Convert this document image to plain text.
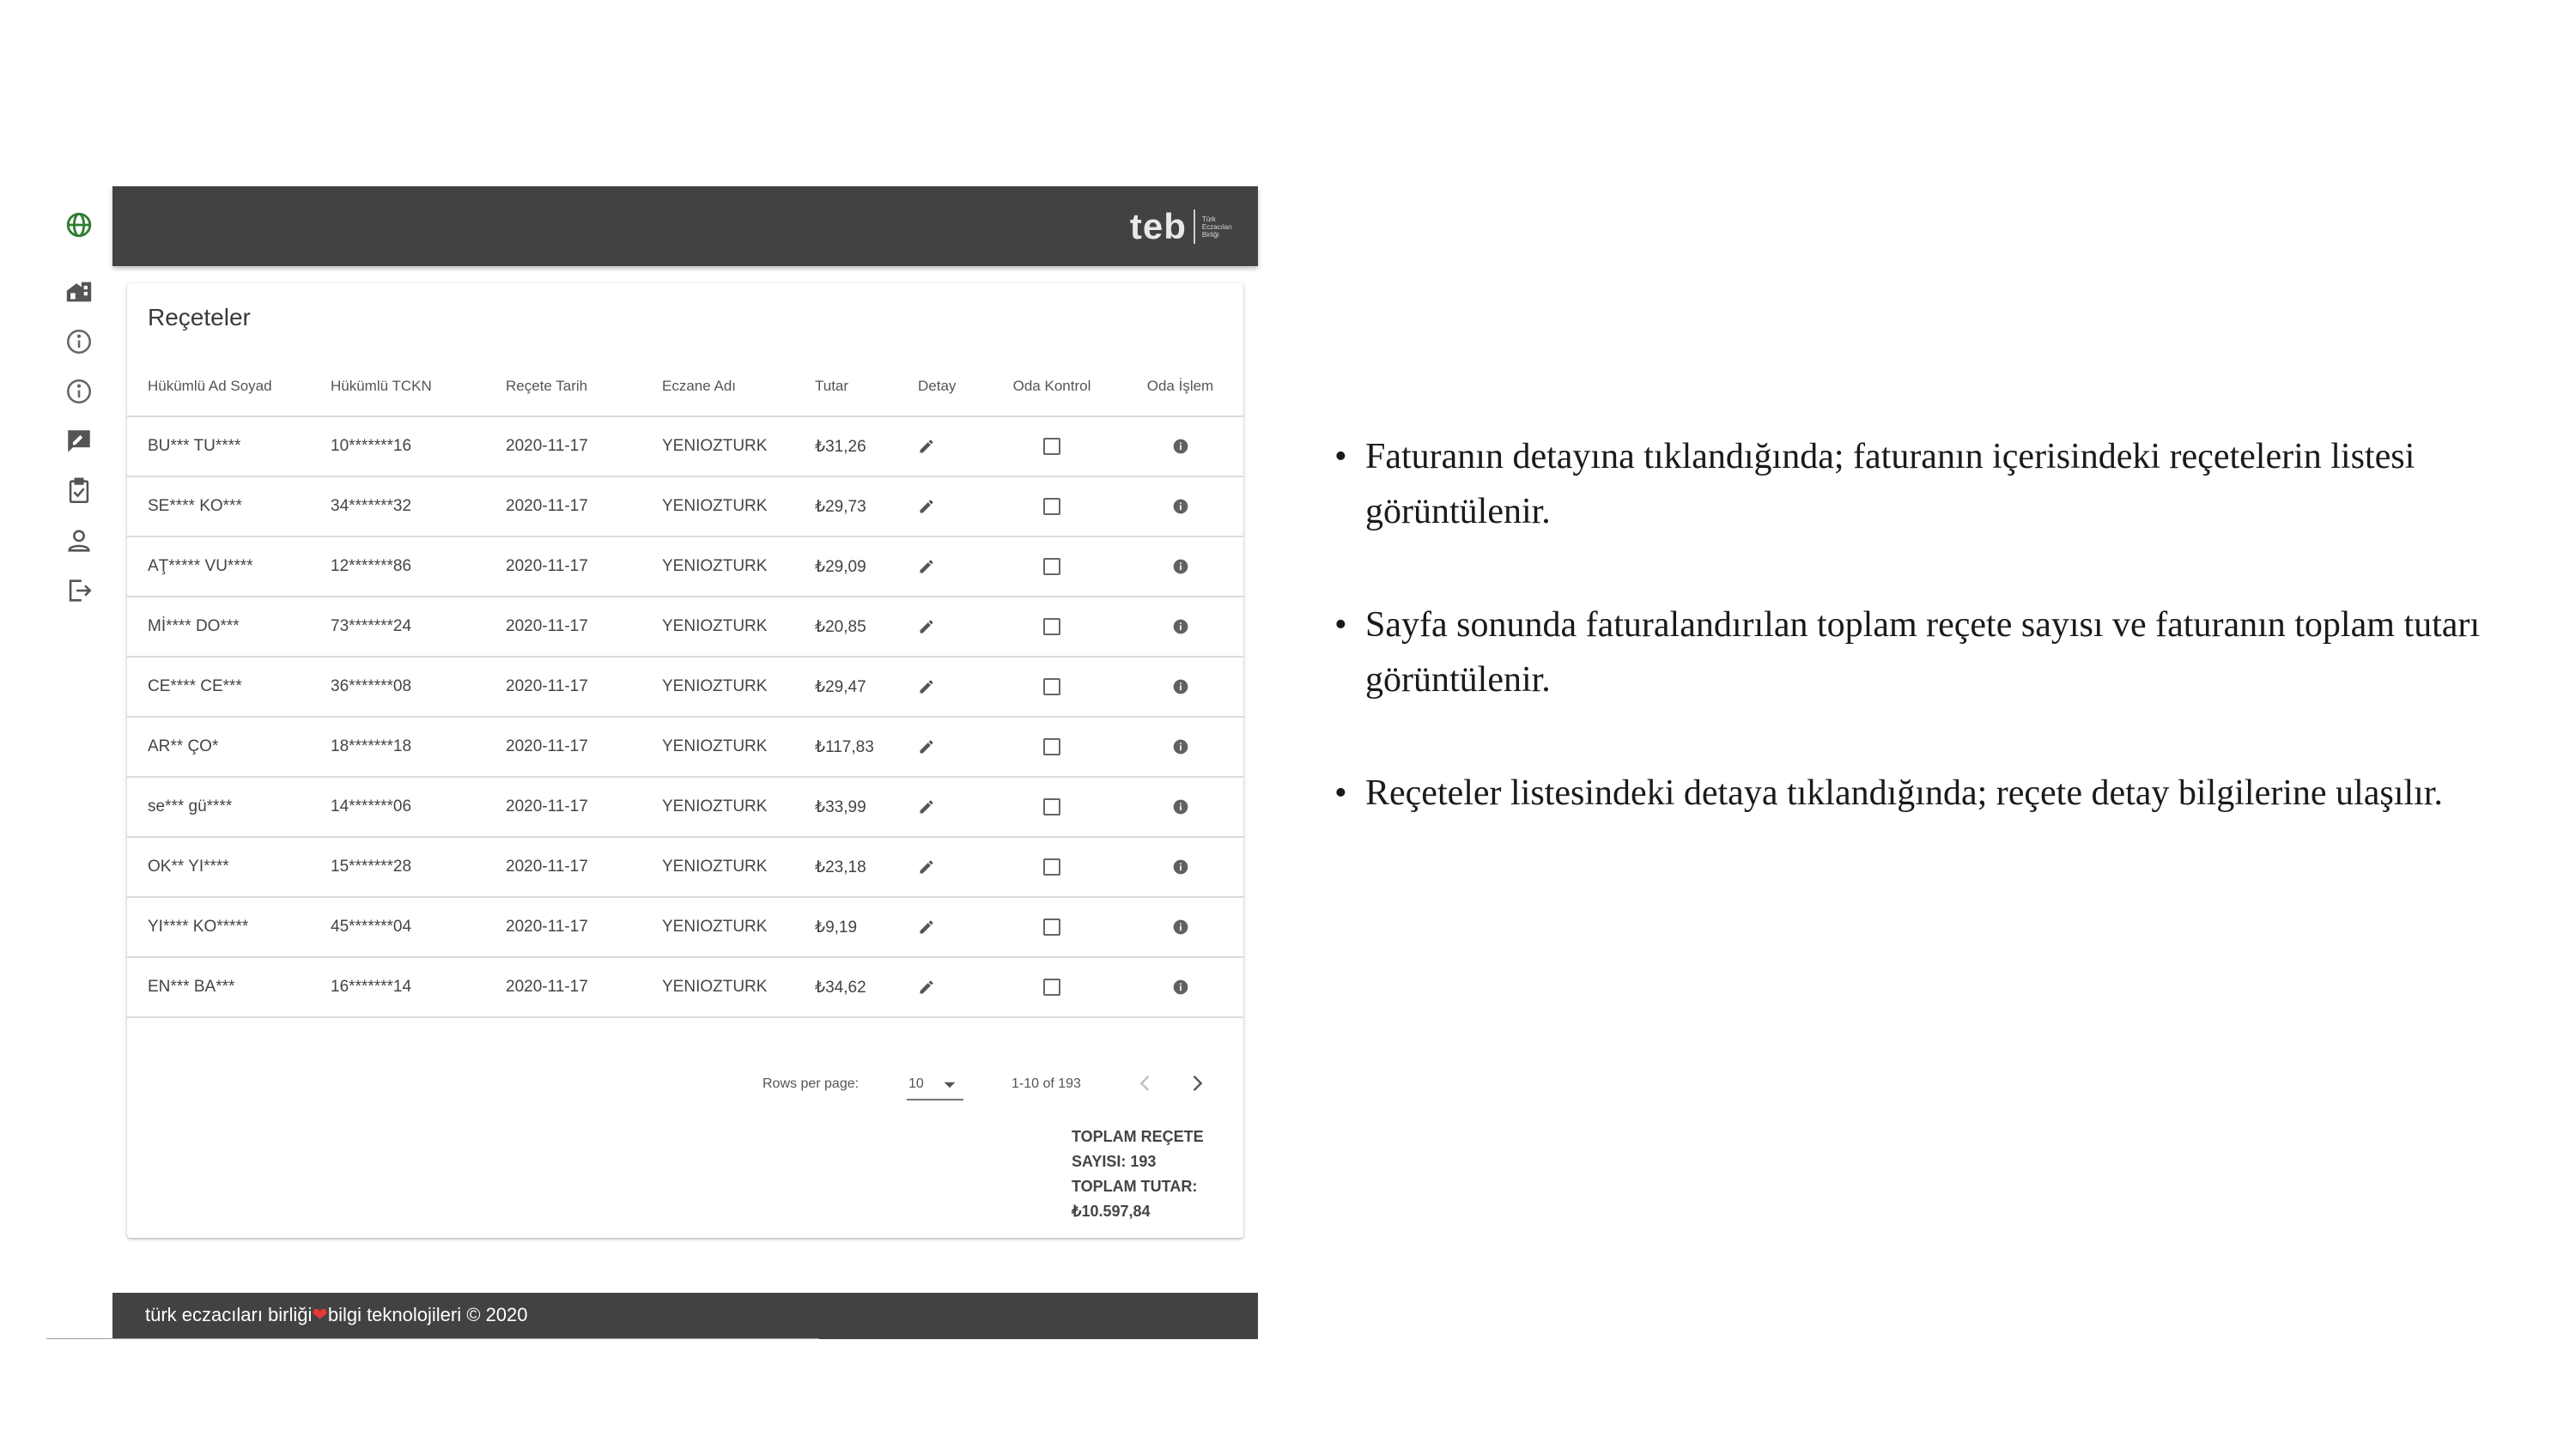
teb Türk
Eczacıları
Birliği
Reçeteler
Hükümlü Ad Soyad	Hükümlü TCKN	Reçete Tarih	Eczane Adı	Tutar	Detay	Oda Kontrol	Oda İşlem
BU*** TU****	10*******16	2020-11-17	YENIOZTURK	₺31,26			
SE**** KO***	34*******32	2020-11-17	YENIOZTURK	₺29,73			
AŢ***** VU****	12*******86	2020-11-17	YENIOZTURK	₺29,09			
Mİ**** DO***	73*******24	2020-11-17	YENIOZTURK	₺20,85			
CE**** CE***	36*******08	2020-11-17	YENIOZTURK	₺29,47			
AR** ÇO*	18*******18	2020-11-17	YENIOZTURK	₺117,83			
se*** gü****	14*******06	2020-11-17	YENIOZTURK	₺33,99			
OK** YI****	15*******28	2020-11-17	YENIOZTURK	₺23,18			
YI**** KO*****	45*******04	2020-11-17	YENIOZTURK	₺9,19			
EN*** BA***	16*******14	2020-11-17	YENIOZTURK	₺34,62			
Rows per page:	10	1-10 of 193
TOPLAM REÇETE
SAYISI: 193
TOPLAM TUTAR:
₺10.597,84
türk eczacıları birliği❤bilgi teknolojileri © 2020
• Faturanın detayına tıklandığında; faturanın içerisindeki reçetelerin listesi görüntülenir.
• Sayfa sonunda faturalandırılan toplam reçete sayısı ve faturanın toplam tutarı görüntülenir.
• Reçeteler listesindeki detaya tıklandığında; reçete detay bilgilerine ulaşılır.
